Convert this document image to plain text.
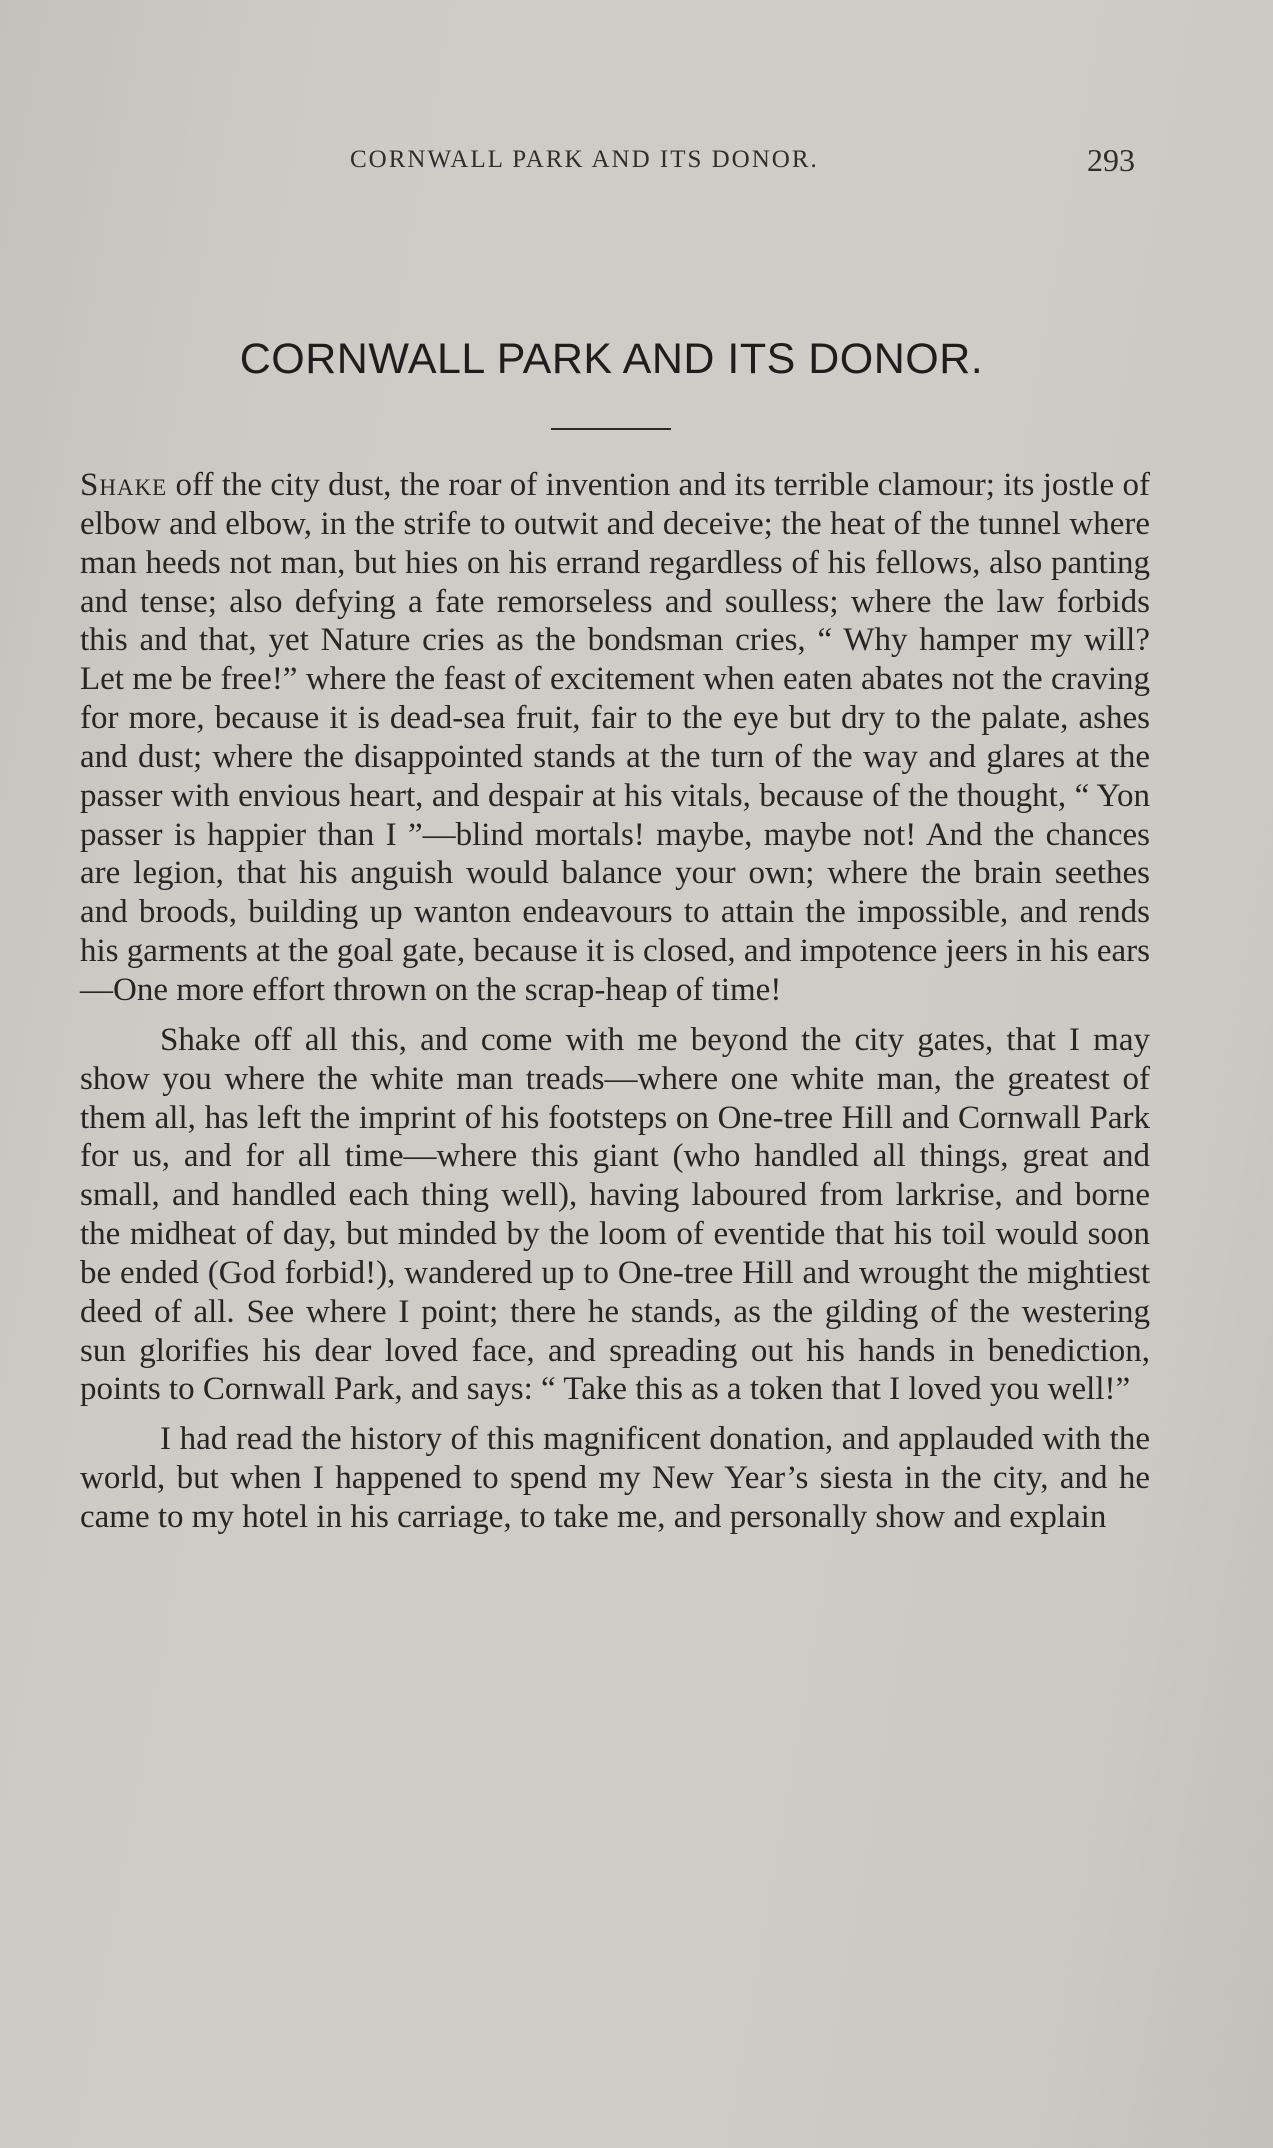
CORNWALL PARK AND ITS DONOR.	293
CORNWALL PARK AND ITS DONOR.

Shake off the city dust, the roar of invention and its terrible clamour; its jostle of elbow and elbow, in the strife to outwit and deceive; the heat of the tunnel where man heeds not man, but hies on his errand regardless of his fellows, also panting and tense; also defying a fate remorseless and soulless; where the law forbids this and that, yet Nature cries as the bondsman cries, “ Why hamper my will? Let me be free!” where the feast of excitement when eaten abates not the craving for more, because it is dead-sea fruit, fair to the eye but dry to the palate, ashes and dust; where the disappointed stands at the turn of the way and glares at the passer with envious heart, and despair at his vitals, because of the thought, “ Yon passer is happier than I ”—blind mortals! maybe, maybe not! And the chances are legion, that his anguish would balance your own; where the brain seethes and broods, building up wanton endeavours to attain the impossible, and rends his garments at the goal gate, because it is closed, and impotence jeers in his ears—One more effort thrown on the scrap-heap of time!

Shake off all this, and come with me beyond the city gates, that I may show you where the white man treads—where one white man, the greatest of them all, has left the imprint of his footsteps on One-tree Hill and Cornwall Park for us, and for all time—where this giant (who handled all things, great and small, and handled each thing well), having laboured from larkrise, and borne the midheat of day, but minded by the loom of eventide that his toil would soon be ended (God forbid!), wandered up to One-tree Hill and wrought the mightiest deed of all. See where I point; there he stands, as the gilding of the westering sun glorifies his dear loved face, and spreading out his hands in benediction, points to Cornwall Park, and says: “ Take this as a token that I loved you well!”

I had read the history of this magnificent donation, and applauded with the world, but when I happened to spend my New Year’s siesta in the city, and he came to my hotel in his carriage, to take me, and personally show and explain
